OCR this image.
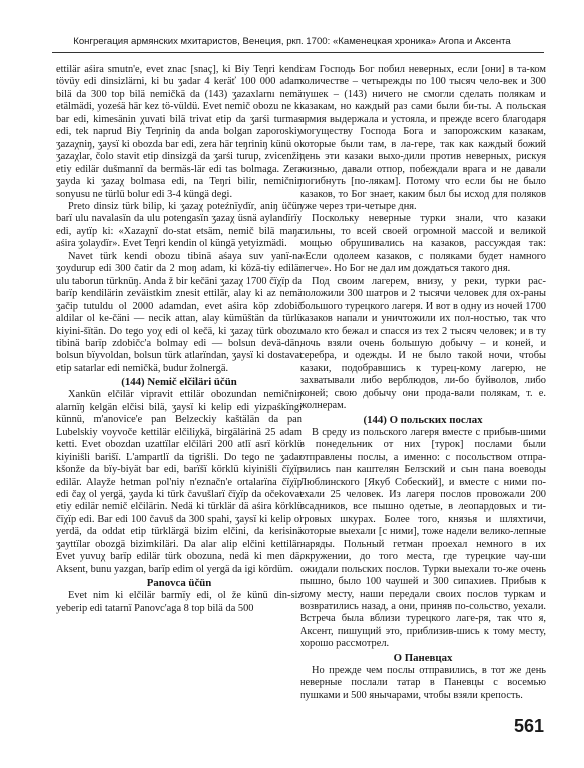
Конгрегация армянских мхитаристов, Венеция, ркп. 1700: «Каменецкая хроника» Агопа и Аксента

ettilär aśira smutn'e, evet znac [snaç], ki Biy Teŋri kendi tövüy edi dinsizlärni, ki bu ʒadar 4 keräť 100 000 adam bilä da 300 top bilä nemičkä da (143) ʒazaxlarnı nemä etälmädi, yoześä här kez tö-vüldü. Evet nemič obozu ne ki bar edi, kimesänin χuvati bilä trivat etip da ʒarśi turmas edi, tek naprud Biy Teŋriniŋ da anda bolgan zaporoskiy ʒazaχniŋ, ʒaysï ki obozda bar edi, zera här teŋriniŋ künü ol ʒazaχlar, čolo stavit etip dinsizgä da ʒarśi turup, zvicenžit etiy edilär dušmannï da bermäs-lär edi tas bolmaga. Zera ʒayda ki ʒazaχ bolmasa edi, na Teŋri bilir, nemičniŋ sonyusu ne türlü bolur edi 3-4 küngä degi.

Preto dinsiz türk bilip, ki ʒazaχ poteźnïydïr, aniŋ üčün barï ulu navalasïn da ulu potengasïn ʒazaχ üsnä aylandïrïy edi, aytïp ki: «Xazaχnï do-stat etsäm, nemič bilä maŋa aśira ʒolaydïr». Evet Teŋri kendin ol küngä yetyizmädi.

Navet türk kendi obozu tibinä aśaya suv yanï-na ʒoydurup edi 300 čatir da 2 moŋ adam, ki közä-tiy edilär ulu taborun türknüŋ. Anda ž bir kečäni ʒazaχ 1700 čïχïp da barïp kendilärin zeväistkim znesit ettilär, alay ki az nemä ʒačip tutuldu ol 2000 adamdan, evet aśira köp zdobič aldilar ol ke-čäni — necik attan, alay kümüštän da türlü kiyini-šïtän. Do tego yoχ edi ol kečä, ki ʒazaχ türk obozu tibinä barïp zdobičc'a bolmay edi — bolsun devä-dän, bolsun bïyvoldan, bolsun türk atlarïndan, ʒaysï ki dostavat etip satarlar edi nemičkä, budur žolnergä.

(144) Nemič elčiläri üčün

Xankün elčilär vipravit ettilär obozundan nemičniŋ alarnïŋ kelgän elčisi bilä, ʒaysï ki kelip edi yizpaśkïngi künnü, m'anovice'e pan Belzeckiy kaštälän da pan Lubelskiy voyvoče kettilär elčiliχkä, birgälärinä 25 adam ketti. Evet obozdan uzattïlar elčiläri 200 atlï asrï körklü kiyinišli barišï. L'ampartlï da tigrišli. Do tego ne ʒadar kšonže da bïy-biyät bar edi, barïšï körklü kiyinišli čïχïp edilär. Alayže hetman pol'niy n'eznačn'e ortalarïna čïχïp edi čaχ ol yergä, ʒayda ki türk čavušlarï čïχïp da očekovat etiy edilär nemič elčilärin. Nedä ki türklär dä aśira körklü čïχïp edi. Bar edi 100 čavuš da 300 spahi, ʒaysï ki kelip ol yerdä, da oddat etip türklärgä bizim elčini, da kerisinä ʒayttïlar obozgä bizimkiläri. Da alar alip elčini kettilär. Evet yuvuχ barïp edilär türk obozuna, nedä ki men dä, Aksent, bunu yazgan, barïp edim ol yergä da igi kördüm.

Panovca üčün

Evet nim ki elčilär barmïy edi, ol že künü din-siz yeberip edi tatarnï Panovc'aga 8 top bilä da 500

сам Господь Бог побил неверных, если [они] в та-ком количестве – четырежды по 100 тысяч чело-век и 300 пушек – (143) ничего не смогли сделать полякам и казакам, но каждый раз сами были би-ты. А польская армия выдержала и устояла, и прежде всего благодаря могуществу Господа Бога и запорожским казакам, которые были там, в ла-гере, так как каждый божий день эти казаки выхо-дили против неверных, рискуя жизнью, давали отпор, побеждали врага и не давали погибнуть [по-лякам]. Потому что если бы не было казаков, то Бог знает, каким был бы исход для поляков уже через три-четыре дня.

Поскольку неверные турки знали, что казаки сильны, то всей своей огромной массой и великой мощью обрушивались на казаков, рассуждая так: «Если одолеем казаков, с поляками будет намного легче». Но Бог не дал им дождаться такого дня.

Под своим лагерем, внизу, у реки, турки рас-положили 300 шатров и 2 тысячи человек для ох-раны большого турецкого лагеря. И вот в одну из ночей 1700 казаков напали и уничтожили их пол-ностью, так что мало кто бежал и спасся из тех 2 тысяч человек; и в ту ночь взяли очень большую добычу – и коней, и серебра, и одежды. И не было такой ночи, чтобы казаки, подобравшись к турец-кому лагерю, не захватывали либо верблюдов, ли-бо буйволов, либо коней; свою добычу они прода-вали полякам, т. е. жолнерам.

(144) О польских послах

В среду из польского лагеря вместе с прибыв-шими в понедельник от них [турок] послами были отправлены послы, а именно: с посольством отпра-вились пан каштелян Белзский и сын пана воеводы Люблинского [Якуб Собеский], и вместе с ними по-ехали 25 человек. Из лагеря послов провожали 200 всадников, все пышно одетые, в леопардовых и ти-гровых шкурах. Более того, князья и шляхтичи, которые выехали [с ними], тоже надели велико-лепные наряды. Польный гетман проехал немного в их окружении, до того места, где турецкие чау-ши ожидали польских послов. Турки выехали то-же очень пышно, было 100 чаушей и 300 сипахиев. Прибыв к тому месту, наши передали своих послов туркам и возвратились назад, а они, приняв по-сольство, уехали. Встреча была вблизи турецкого лаге-ря, так что я, Аксент, пишущий это, приблизив-шись к тому месту, хорошо рассмотрел.

О Паневцах

Но прежде чем послы отправились, в тот же день неверные послали татар в Паневцы с восемью пушками и 500 янычарами, чтобы взяли крепость.

561
